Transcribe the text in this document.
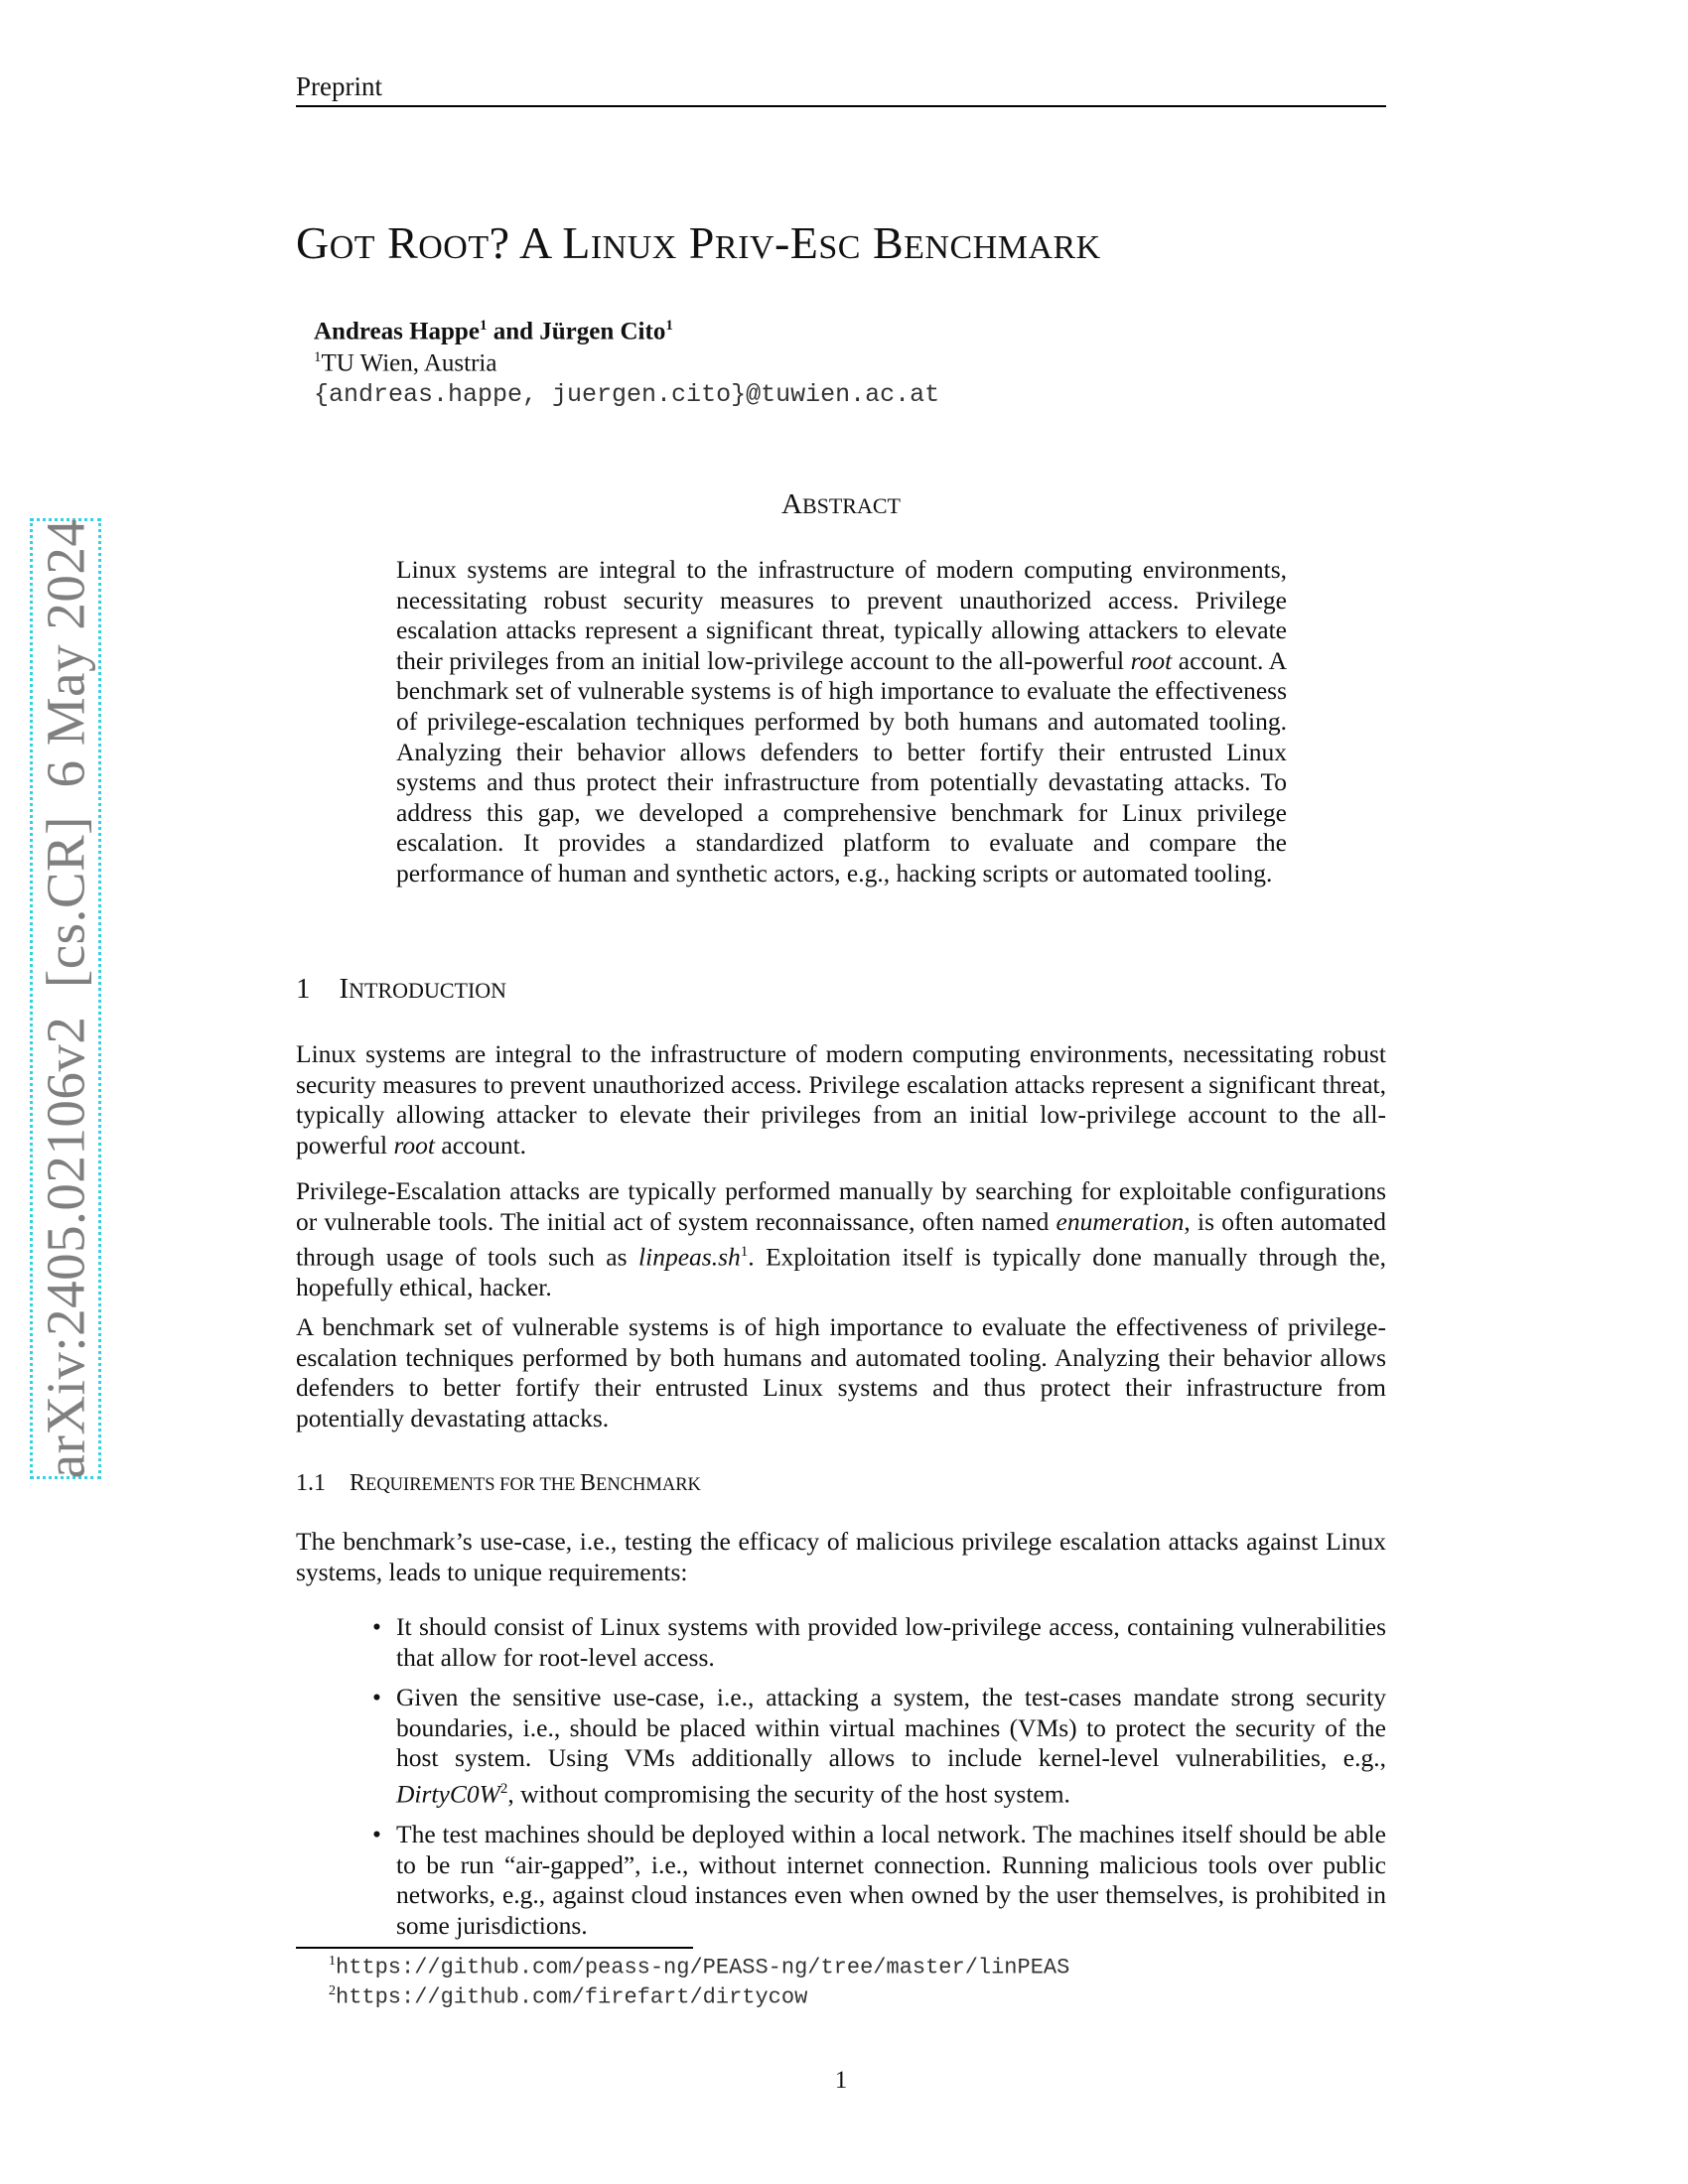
Preprint
GOT ROOT? A LINUX PRIV-ESC BENCHMARK
Andreas Happe$^1$ and Jürgen Cito$^1$
$^1$TU Wien, Austria
{andreas.happe, juergen.cito}@tuwien.ac.at
ABSTRACT

Linux systems are integral to the infrastructure of modern computing environments, necessitating robust security measures to prevent unauthorized access. Privilege escalation attacks represent a significant threat, typically allowing attackers to elevate their privileges from an initial low-privilege account to the all-powerful root account. A benchmark set of vulnerable systems is of high importance to evaluate the effectiveness of privilege-escalation techniques performed by both humans and automated tooling. Analyzing their behavior allows defenders to better fortify their entrusted Linux systems and thus protect their infrastructure from potentially devastating attacks. To address this gap, we developed a comprehensive benchmark for Linux privilege escalation. It provides a standardized platform to evaluate and compare the performance of human and synthetic actors, e.g., hacking scripts or automated tooling.

1 INTRODUCTION

Linux systems are integral to the infrastructure of modern computing environments, necessitating robust security measures to prevent unauthorized access. Privilege escalation attacks represent a significant threat, typically allowing attacker to elevate their privileges from an initial low-privilege account to the all-powerful root account.

Privilege-Escalation attacks are typically performed manually by searching for exploitable configurations or vulnerable tools. The initial act of system reconnaissance, often named enumeration, is often automated through usage of tools such as $linpeas.sh^1$. Exploitation itself is typically done manually through the, hopefully ethical, hacker.

A benchmark set of vulnerable systems is of high importance to evaluate the effectiveness of privilege-escalation techniques performed by both humans and automated tooling. Analyzing their behavior allows defenders to better fortify their entrusted Linux systems and thus protect their infrastructure from potentially devastating attacks.

1.1 REQUIREMENTS FOR THE BENCHMARK

The benchmark’s use-case, i.e., testing the efficacy of malicious privilege escalation attacks against Linux systems, leads to unique requirements:

• It should consist of Linux systems with provided low-privilege access, containing vulnerabilities that allow for root-level access.
• Given the sensitive use-case, i.e., attacking a system, the test-cases mandate strong security boundaries, i.e., should be placed within virtual machines (VMs) to protect the security of the host system. Using VMs additionally allows to include kernel-level vulnerabilities, e.g., $DirtyC0W^2$, without compromising the security of the host system.
• The test machines should be deployed within a local network. The machines itself should be able to be run “air-gapped”, i.e., without internet connection. Running malicious tools over public networks, e.g., against cloud instances even when owned by the user themselves, is prohibited in some jurisdictions.
$^1$https://github.com/peass-ng/PEASS-ng/tree/master/linPEAS
$^2$https://github.com/firefart/dirtycow
1
arXiv:2405.02106v2  [cs.CR]  6 May 2024
